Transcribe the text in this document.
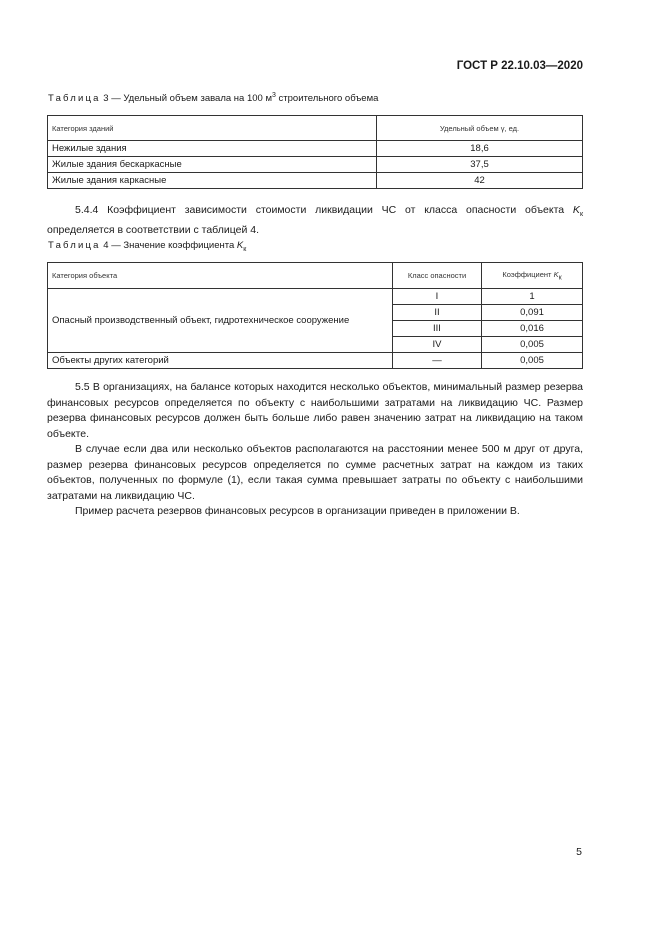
ГОСТ Р 22.10.03—2020
Таблица 3 — Удельный объем завала на 100 $м^3$ строительного объема
Категория зданий	Удельный объем γ, ед.
Нежилые здания	18,6
Жилые здания бескаркасные	37,5
Жилые здания каркасные	42

5.4.4 Коэффициент зависимости стоимости ликвидации ЧС от класса опасности объекта $K_к$ определяется в соответствии с таблицей 4.

Таблица 4 — Значение коэффициента $K_к$
Категория объекта	Класс опасности	Коэффициент $K_к$
Опасный производственный объект, гидротехническое сооружение	I	1
	II	0,091
	III	0,016
	IV	0,005
Объекты других категорий	—	0,005

5.5 В организациях, на балансе которых находится несколько объектов, минимальный размер резерва финансовых ресурсов определяется по объекту с наибольшими затратами на ликвидацию ЧС. Размер резерва финансовых ресурсов должен быть больше либо равен значению затрат на ликвидацию на таком объекте.

В случае если два или несколько объектов располагаются на расстоянии менее 500 м друг от друга, размер резерва финансовых ресурсов определяется по сумме расчетных затрат на каждом из таких объектов, полученных по формуле (1), если такая сумма превышает затраты по объекту с наибольшими затратами на ликвидацию ЧС.

Пример расчета резервов финансовых ресурсов в организации приведен в приложении В.

5
